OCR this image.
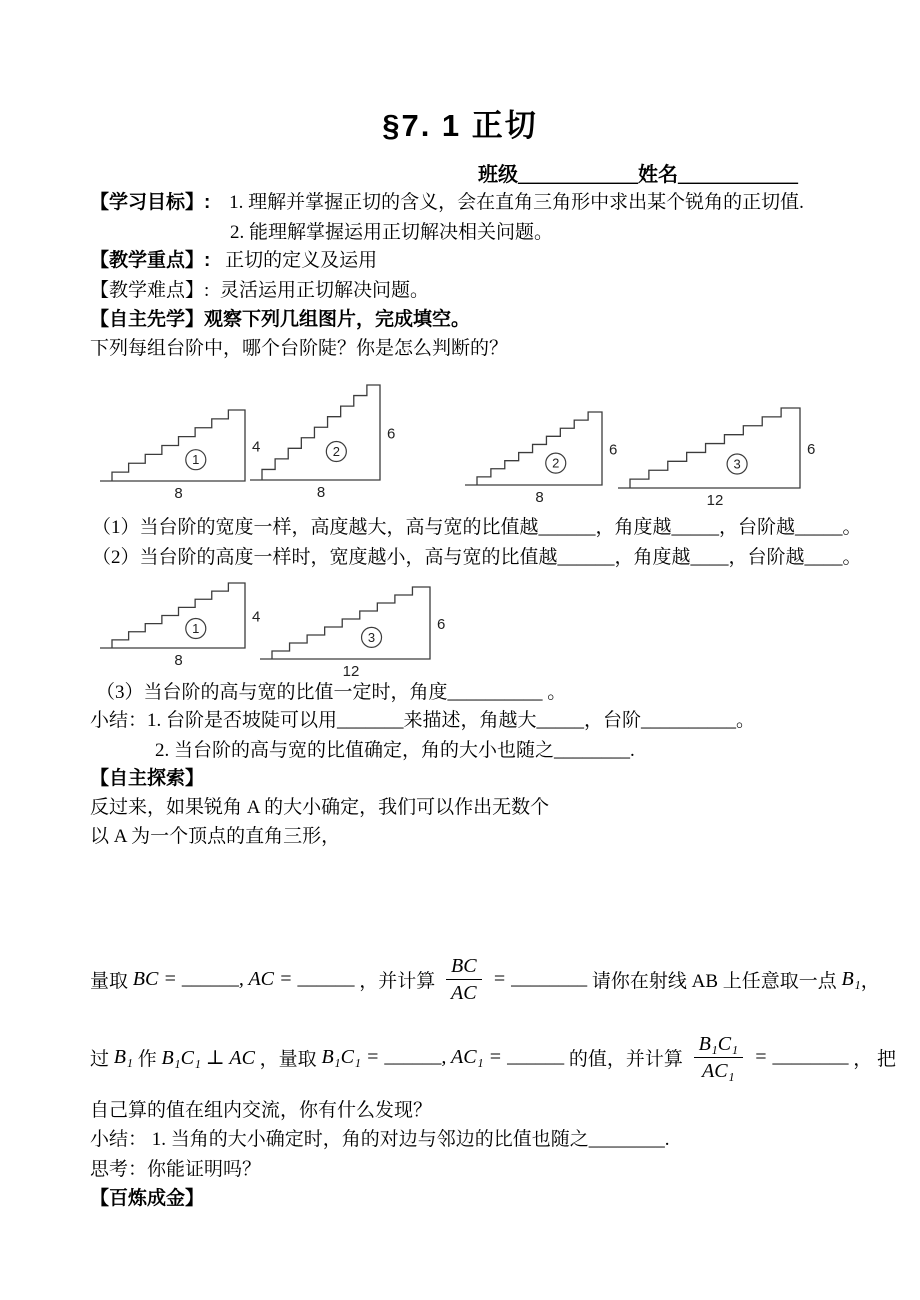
§7. 1 正切
班级____________姓名____________
【学习目标】: 1. 理解并掌握正切的含义，会在直角三角形中求出某个锐角的正切值.
2. 能理解掌握运用正切解决相关问题。
【教学重点】: 正切的定义及运用
【教学难点】: 灵活运用正切解决问题。
【自主先学】观察下列几组图片，完成填空。
下列每组台阶中，哪个台阶陡？你是怎么判断的？
4
8
1
6
8
2	6
8
2
6
12
3
（1）当台阶的宽度一样，高度越大，高与宽的比值越______，角度越_____，台阶越_____。
（2）当台阶的高度一样时，宽度越小，高与宽的比值越______，角度越____，台阶越____。
4
8
1	6
12
3
（3）当台阶的高与宽的比值一定时，角度__________ 。
小结：1. 台阶是否坡陡可以用_______来描述，角越大_____，台阶__________。
2. 当台阶的高与宽的比值确定，角的大小也随之________.
【自主探索】
反过来，如果锐角 A 的大小确定，我们可以作出无数个
以 A 为一个顶点的直角三形，
量取 BC = ______ , AC = ______ ，并计算 $\frac{BC}{AC}$ = ________ 请你在射线 AB 上任意取一点 B₁ ，
过 B₁ 作 B₁C₁ ⊥ AC ，量取 B₁C₁ = ______ , AC₁ = ______ 的值，并计算 $\frac{\text{B₁C₁}}{\text{AC₁}}$ = ________ ， 把
自己算的值在组内交流，你有什么发现？
小结： 1. 当角的大小确定时，角的对边与邻边的比值也随之________.
思考：你能证明吗？
【百炼成金】
